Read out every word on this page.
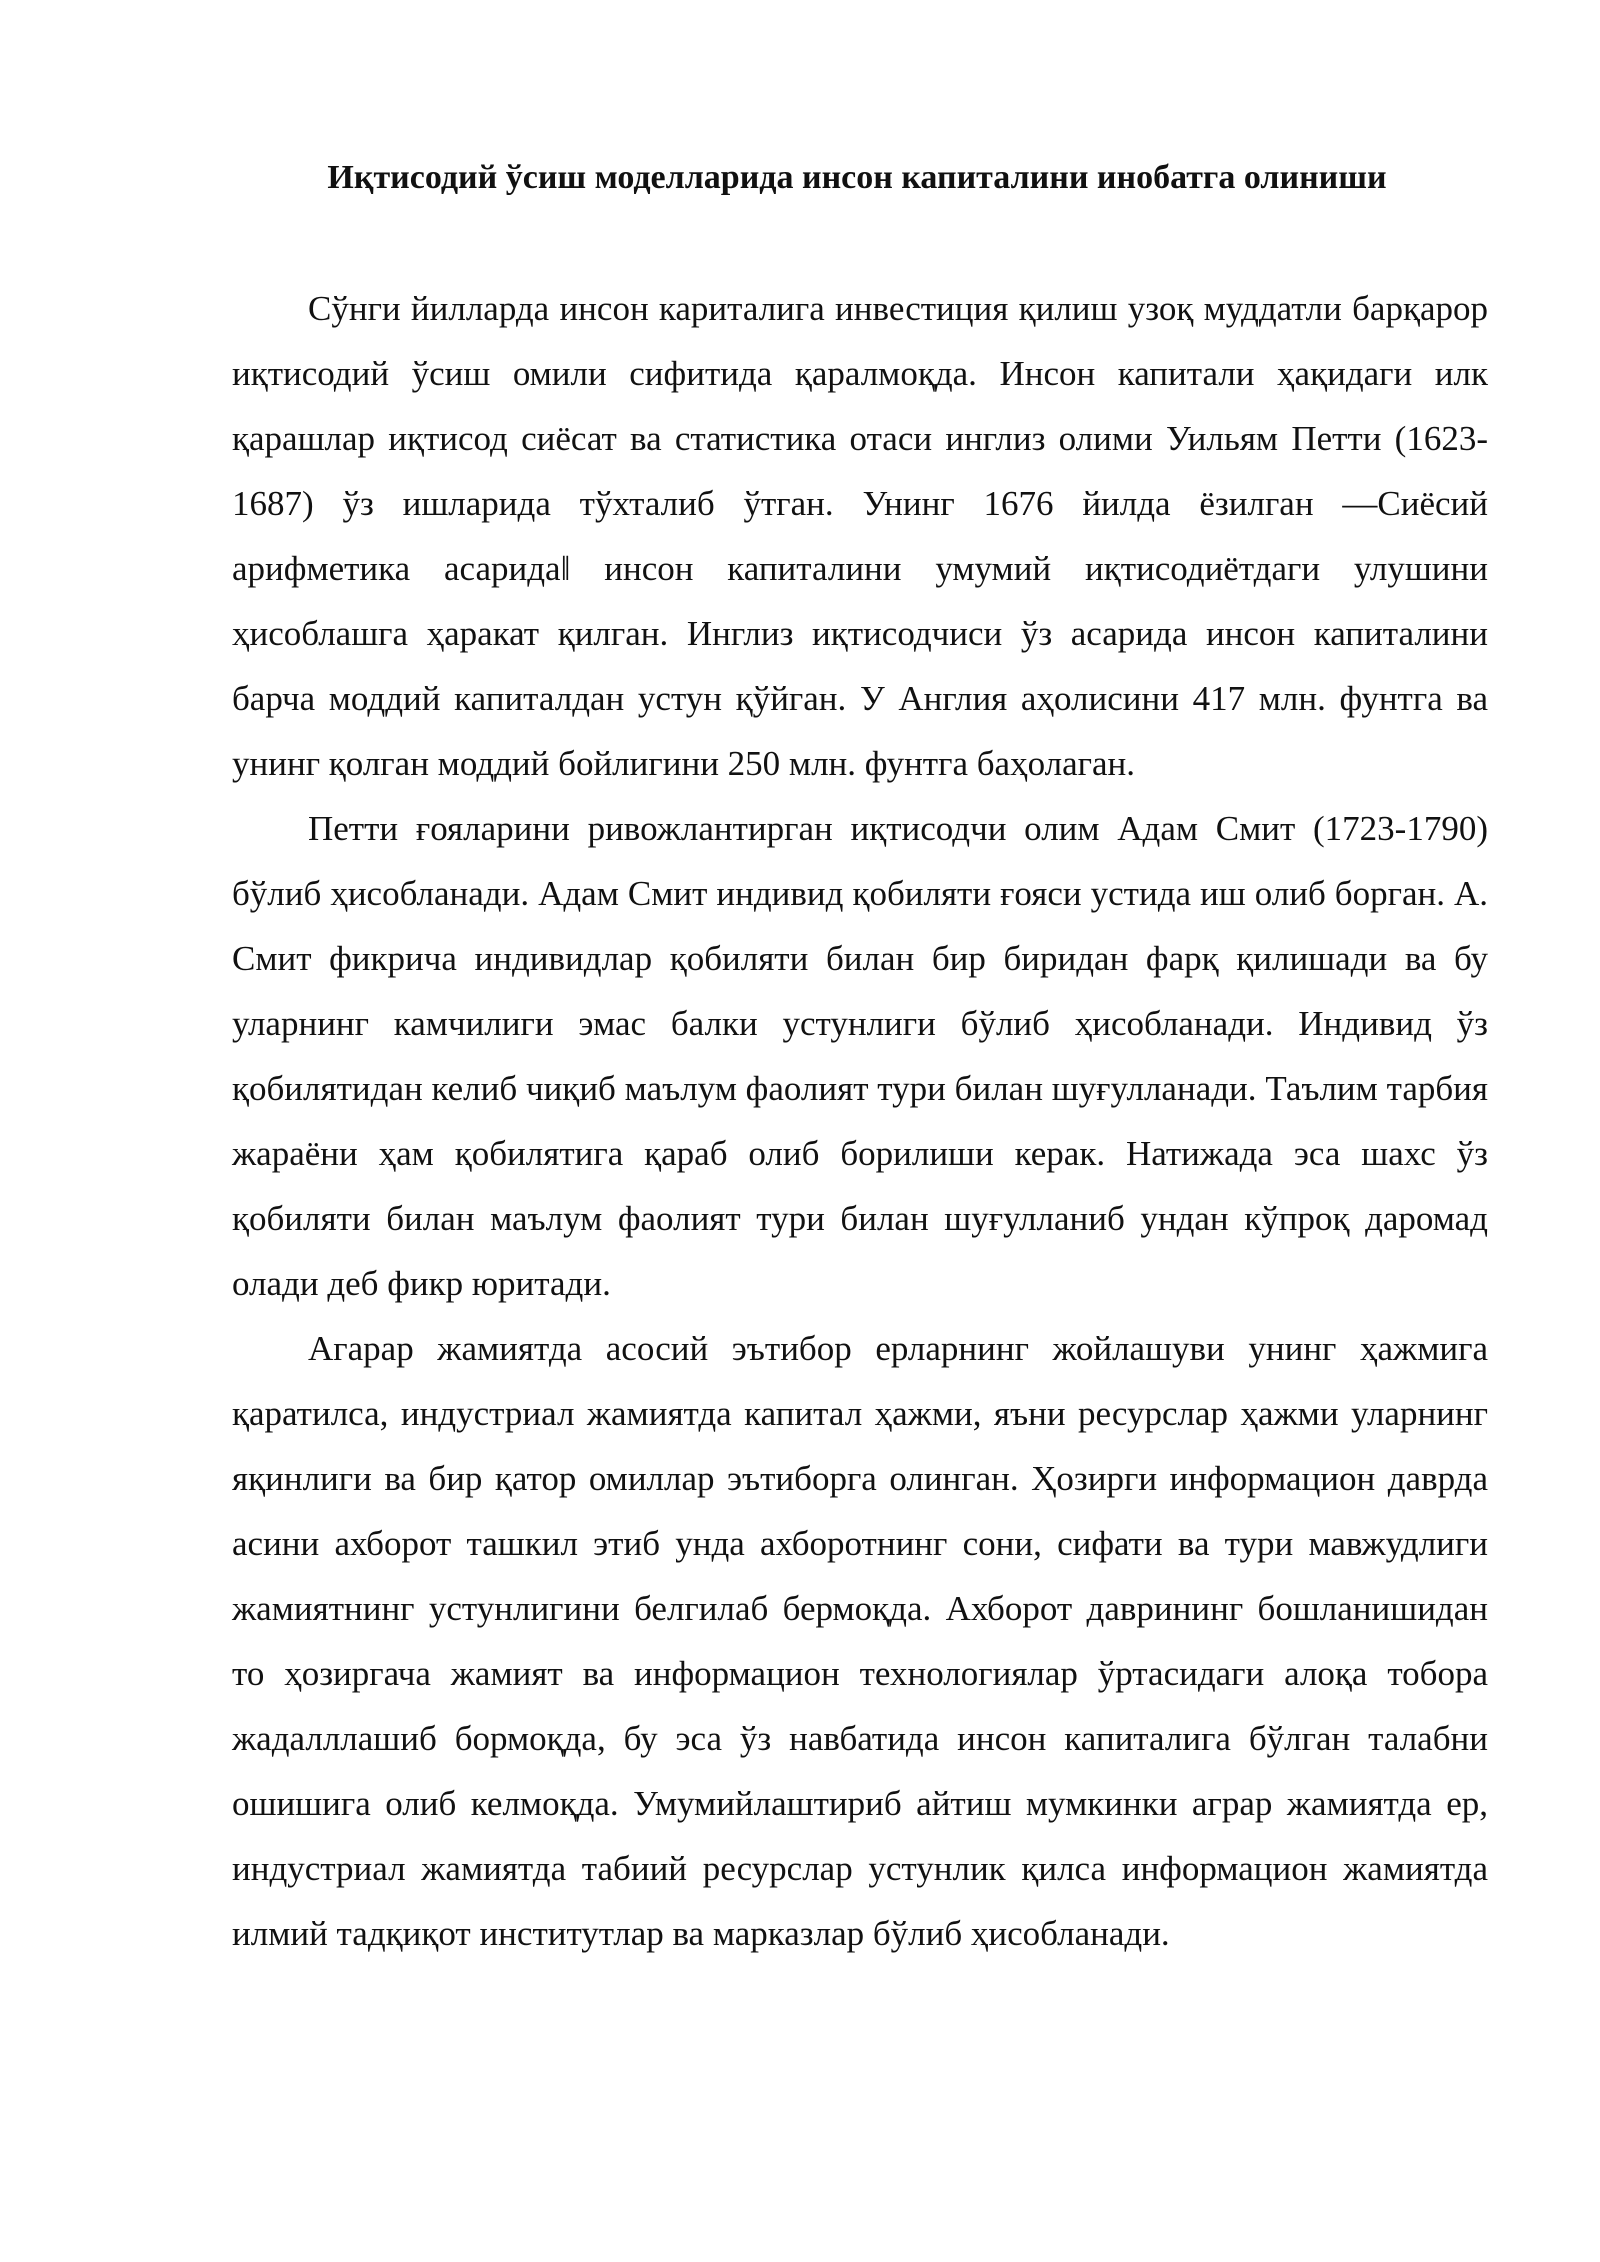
Иқтисодий ўсиш моделларида инсон капиталини инобатга олиниши

Сўнги йилларда инсон кариталига инвестиция қилиш узоқ муддатли барқарор иқтисодий ўсиш омили сифитида қаралмоқда. Инсон капитали ҳақидаги илк қарашлар иқтисод сиёсат ва статистика отаси инглиз олими Уильям Петти (1623-1687) ўз ишларида тўхталиб ўтган. Унинг 1676 йилда ёзилган ―Сиёсий арифметика асарида‖ инсон капиталини умумий иқтисодиётдаги улушини ҳисоблашга ҳаракат қилган. Инглиз иқтисодчиси ўз асарида инсон капиталини барча моддий капиталдан устун қўйган. У Англия аҳолисини 417 млн. фунтга ва унинг қолган моддий бойлигини 250 млн. фунтга баҳолаган.

Петти ғояларини ривожлантирган иқтисодчи олим Адам Смит (1723-1790) бўлиб ҳисобланади. Адам Смит индивид қобиляти ғояси устида иш олиб борган. А. Смит фикрича индивидлар қобиляти билан бир биридан фарқ қилишади ва бу уларнинг камчилиги эмас балки устунлиги бўлиб ҳисобланади. Индивид ўз қобилятидан келиб чиқиб маълум фаолият тури билан шуғулланади. Таълим тарбия жараёни ҳам қобилятига қараб олиб борилиши керак. Натижада эса шахс ўз қобиляти билан маълум фаолият тури билан шуғулланиб ундан кўпроқ даромад олади деб фикр юритади.

Агарар жамиятда асосий эътибор ерларнинг жойлашуви унинг ҳажмига қаратилса, индустриал жамиятда капитал ҳажми, яъни ресурслар ҳажми уларнинг яқинлиги ва бир қатор омиллар эътиборга олинган. Ҳозирги информацион даврда асини ахборот ташкил этиб унда ахборотнинг сони, сифати ва тури мавжудлиги жамиятнинг устунлигини белгилаб бермоқда. Ахборот даврининг бошланишидан то ҳозиргача жамият ва информацион технологиялар ўртасидаги алоқа тобора жадалллашиб бормоқда, бу эса ўз навбатида инсон капиталига бўлган талабни ошишига олиб келмоқда. Умумийлаштириб айтиш мумкинки аграр жамиятда ер, индустриал жамиятда табиий ресурслар устунлик қилса информацион жамиятда илмий тадқиқот институтлар ва марказлар бўлиб ҳисобланади.
